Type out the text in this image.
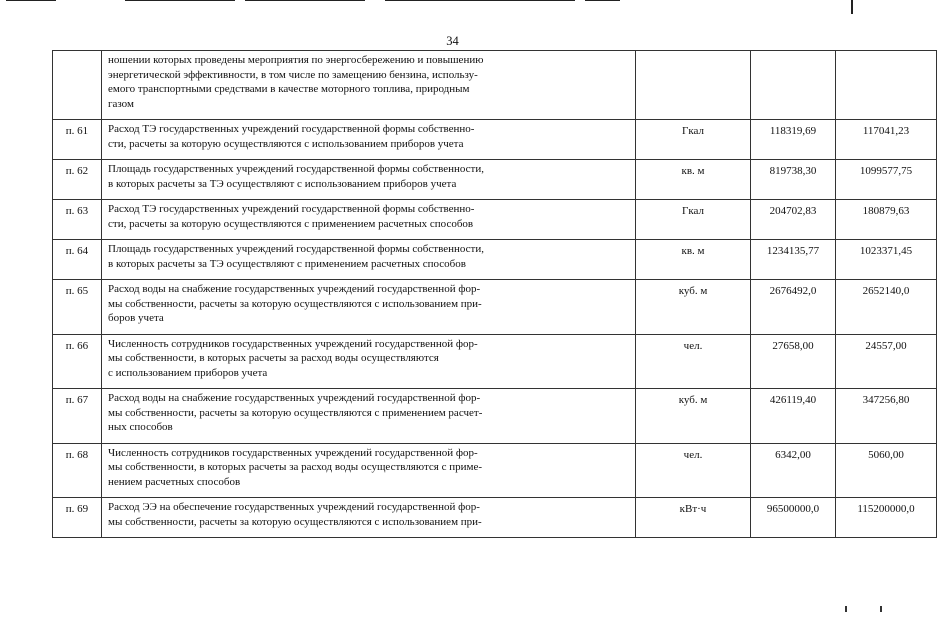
34

	ношении которых проведены мероприятия по энергосбережению и повышению
энергетической эффективности, в том числе по замещению бензина, использу-
емого транспортными средствами в качестве моторного топлива, природным
газом			

п. 61	Расход ТЭ государственных учреждений государственной формы собственно-
сти, расчеты за которую осуществляются с использованием приборов учета	Гкал	118319,69	117041,23
п. 62	Площадь государственных учреждений государственной формы собственности,
в которых расчеты за ТЭ осуществляют с использованием приборов учета	кв. м	819738,30	1099577,75
п. 63	Расход ТЭ государственных учреждений государственной формы собственно-
сти, расчеты за которую осуществляются с применением расчетных способов	Гкал	204702,83	180879,63
п. 64	Площадь государственных учреждений государственной формы собственности,
в которых расчеты за ТЭ осуществляют с применением расчетных способов	кв. м	1234135,77	1023371,45
п. 65	Расход воды на снабжение государственных учреждений государственной фор-
мы собственности, расчеты за которую осуществляются с использованием при-
боров учета	куб. м	2676492,0	2652140,0
п. 66	Численность сотрудников государственных учреждений государственной фор-
мы собственности, в которых расчеты за расход воды осуществляются
с использованием приборов учета	чел.	27658,00	24557,00
п. 67	Расход воды на снабжение государственных учреждений государственной фор-
мы собственности, расчеты за которую осуществляются с применением расчет-
ных способов	куб. м	426119,40	347256,80
п. 68	Численность сотрудников государственных учреждений государственной фор-
мы собственности, в которых расчеты за расход воды осуществляются с приме-
нением расчетных способов	чел.	6342,00	5060,00
п. 69	Расход ЭЭ на обеспечение государственных учреждений государственной фор-
мы собственности, расчеты за которую осуществляются с использованием при-	кВт·ч	96500000,0	115200000,0
